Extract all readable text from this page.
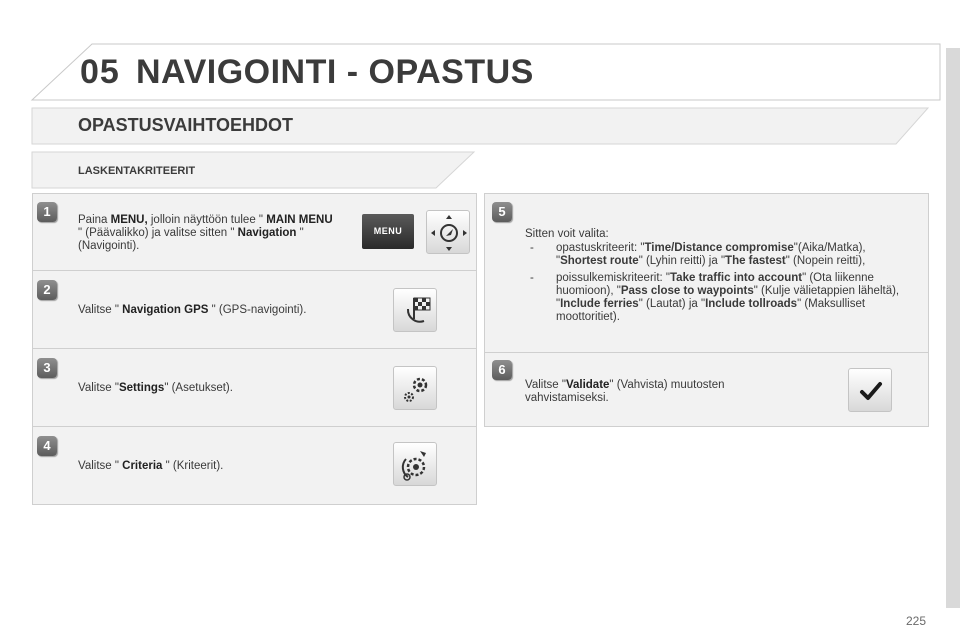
05 NAVIGOINTI - OPASTUS
OPASTUSVAIHTOEHDOT
LASKENTAKRITEERIT
1
Paina MENU, jolloin näyttöön tulee " MAIN MENU " (Päävalikko) ja valitse sitten " Navigation " (Navigointi).
MENU
2
Valitse " Navigation GPS " (GPS-navigointi).
3
Valitse "Settings" (Asetukset).
4
Valitse " Criteria " (Kriteerit).
5
Sitten voit valita:
- opastuskriteerit: "Time/Distance compromise"(Aika/Matka), "Shortest route" (Lyhin reitti) ja "The fastest" (Nopein reitti),
- poissulkemiskriteerit: "Take traffic into account" (Ota liikenne huomioon), "Pass close to waypoints" (Kulje välietappien läheltä), "Include ferries" (Lautat) ja "Include tollroads" (Maksulliset moottoritiet).
6
Valitse "Validate" (Vahvista) muutosten vahvistamiseksi.
225
